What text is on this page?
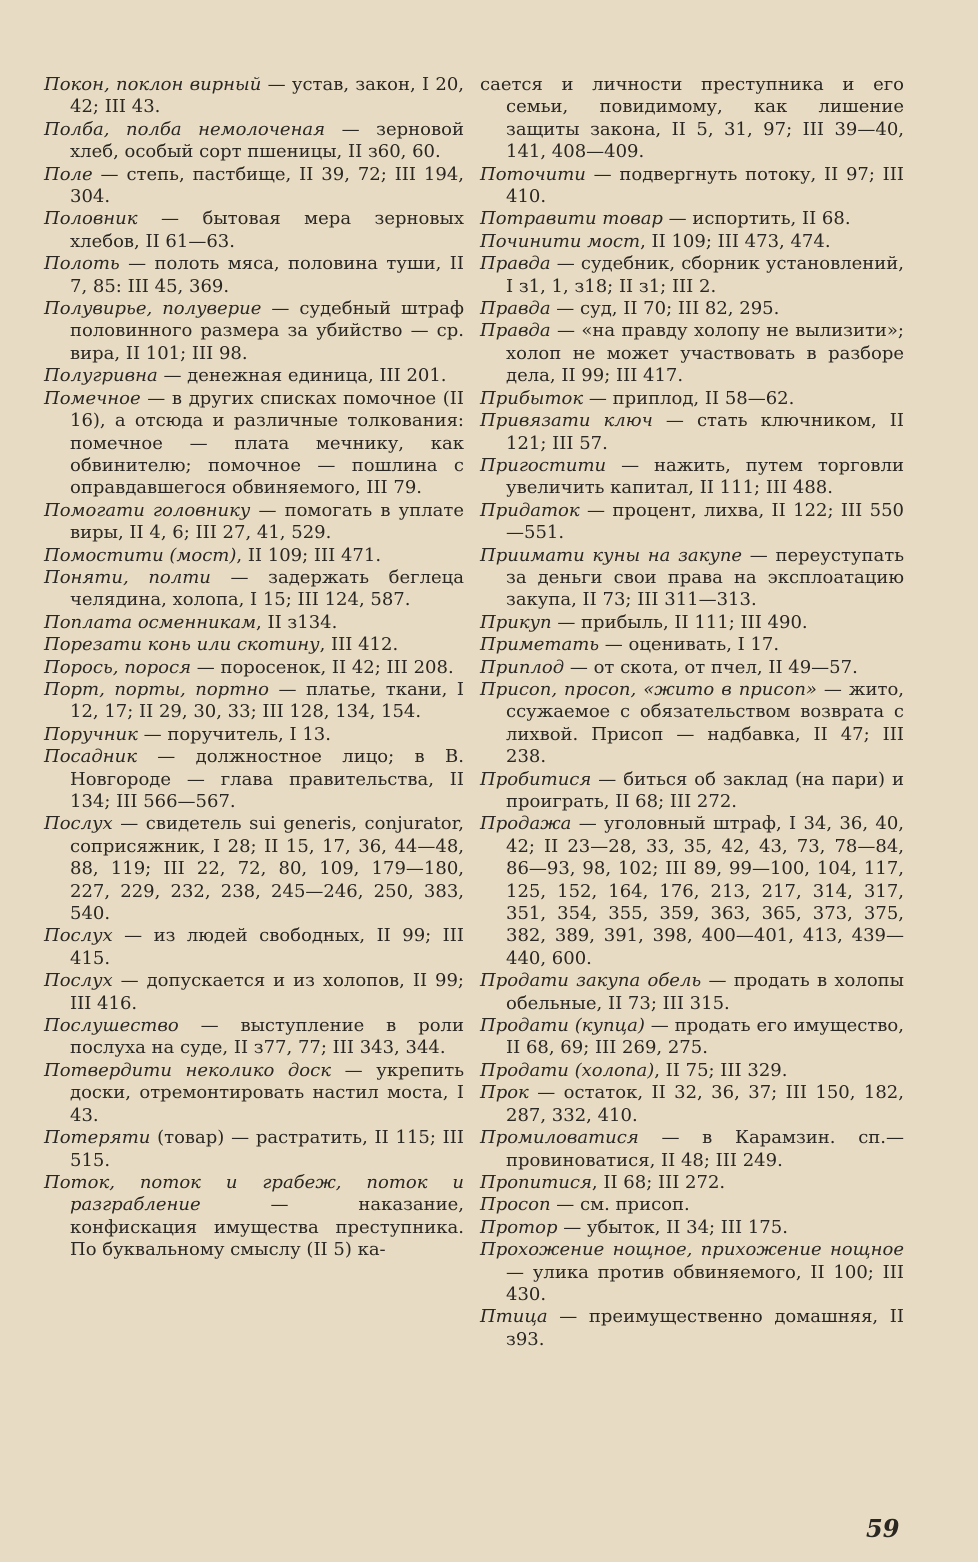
Покон, поклон вирный — устав, закон, I 20, 42; III 43.

Полба, полба немолоченая — зерновой хлеб, особый сорт пшеницы, II з60, 60.

Поле — степь, пастбище, II 39, 72; III 194, 304.

Половник — бытовая мера зерновых хлебов, II 61—63.

Полоть — полоть мяса, половина туши, II 7, 85: III 45, 369.

Полувирье, полуверие — судебный штраф половинного размера за убийство — ср. вира, II 101; III 98.

Полугривна — денежная единица, III 201.

Помечное — в других списках помочное (II 16), а отсюда и различные толкования: помечное — плата мечнику, как обвинителю; помочное — пошлина с оправдавшегося обвиняемого, III 79.

Помогати головнику — помогать в уплате виры, II 4, 6; III 27, 41, 529.

Помостити (мост), II 109; III 471.

Поняти, полти — задержать беглеца челядина, холопа, I 15; III 124, 587.

Поплата осменникам, II з134.

Порезати конь или скотину, III 412.

Порось, порося — поросенок, II 42; III 208.

Порт, порты, портно — платье, ткани, I 12, 17; II 29, 30, 33; III 128, 134, 154.

Поручник — поручитель, I 13.

Посадник — должностное лицо; в В. Новгороде — глава правительства, II 134; III 566—567.

Послух — свидетель sui generis, conjurator, соприсяжник, I 28; II 15, 17, 36, 44—48, 88, 119; III 22, 72, 80, 109, 179—180, 227, 229, 232, 238, 245—246, 250, 383, 540.

Послух — из людей свободных, II 99; III 415.

Послух — допускается и из холопов, II 99; III 416.

Послушество — выступление в роли послуха на суде, II з77, 77; III 343, 344.

Потвердити неколико доск — укрепить доски, отремонтировать настил моста, I 43.

Потеряти (товар) — растратить, II 115; III 515.

Поток, поток и грабеж, поток и разграбление — наказание, конфискация имущества преступника. По буквальному смыслу (II 5) ка-

сается и личности преступника и его семьи, повидимому, как лишение защиты закона, II 5, 31, 97; III 39—40, 141, 408—409.

Поточити — подвергнуть потоку, II 97; III 410.

Потравити товар — испортить, II 68.

Починити мост, II 109; III 473, 474.

Правда — судебник, сборник установлений, I з1, 1, з18; II з1; III 2.

Правда — суд, II 70; III 82, 295.

Правда — «на правду холопу не вылизити»; холоп не может участвовать в разборе дела, II 99; III 417.

Прибыток — приплод, II 58—62.

Привязати ключ — стать ключником, II 121; III 57.

Пригостити — нажить, путем торговли увеличить капитал, II 111; III 488.

Придаток — процент, лихва, II 122; III 550—551.

Приимати куны на закупе — переуступать за деньги свои права на эксплоатацию закупа, II 73; III 311—313.

Прикуп — прибыль, II 111; III 490.

Приметать — оценивать, I 17.

Приплод — от скота, от пчел, II 49—57.

Присоп, просоп, «жито в присоп» — жито, ссужаемое с обязательством возврата с лихвой. Присоп — надбавка, II 47; III 238.

Пробитися — биться об заклад (на пари) и проиграть, II 68; III 272.

Продажа — уголовный штраф, I 34, 36, 40, 42; II 23—28, 33, 35, 42, 43, 73, 78—84, 86—93, 98, 102; III 89, 99—100, 104, 117, 125, 152, 164, 176, 213, 217, 314, 317, 351, 354, 355, 359, 363, 365, 373, 375, 382, 389, 391, 398, 400—401, 413, 439—440, 600.

Продати закупа обель — продать в холопы обельные, II 73; III 315.

Продати (купца) — продать его имущество, II 68, 69; III 269, 275.

Продати (холопа), II 75; III 329.

Прок — остаток, II 32, 36, 37; III 150, 182, 287, 332, 410.

Промиловатися — в Карамзин. сп.— провиноватися, II 48; III 249.

Пропитися, II 68; III 272.

Просоп — см. присоп.

Протор — убыток, II 34; III 175.

Прохожение нощное, прихожение нощное — улика против обвиняемого, II 100; III 430.

Птица — преимущественно домашняя, II з93.

59
